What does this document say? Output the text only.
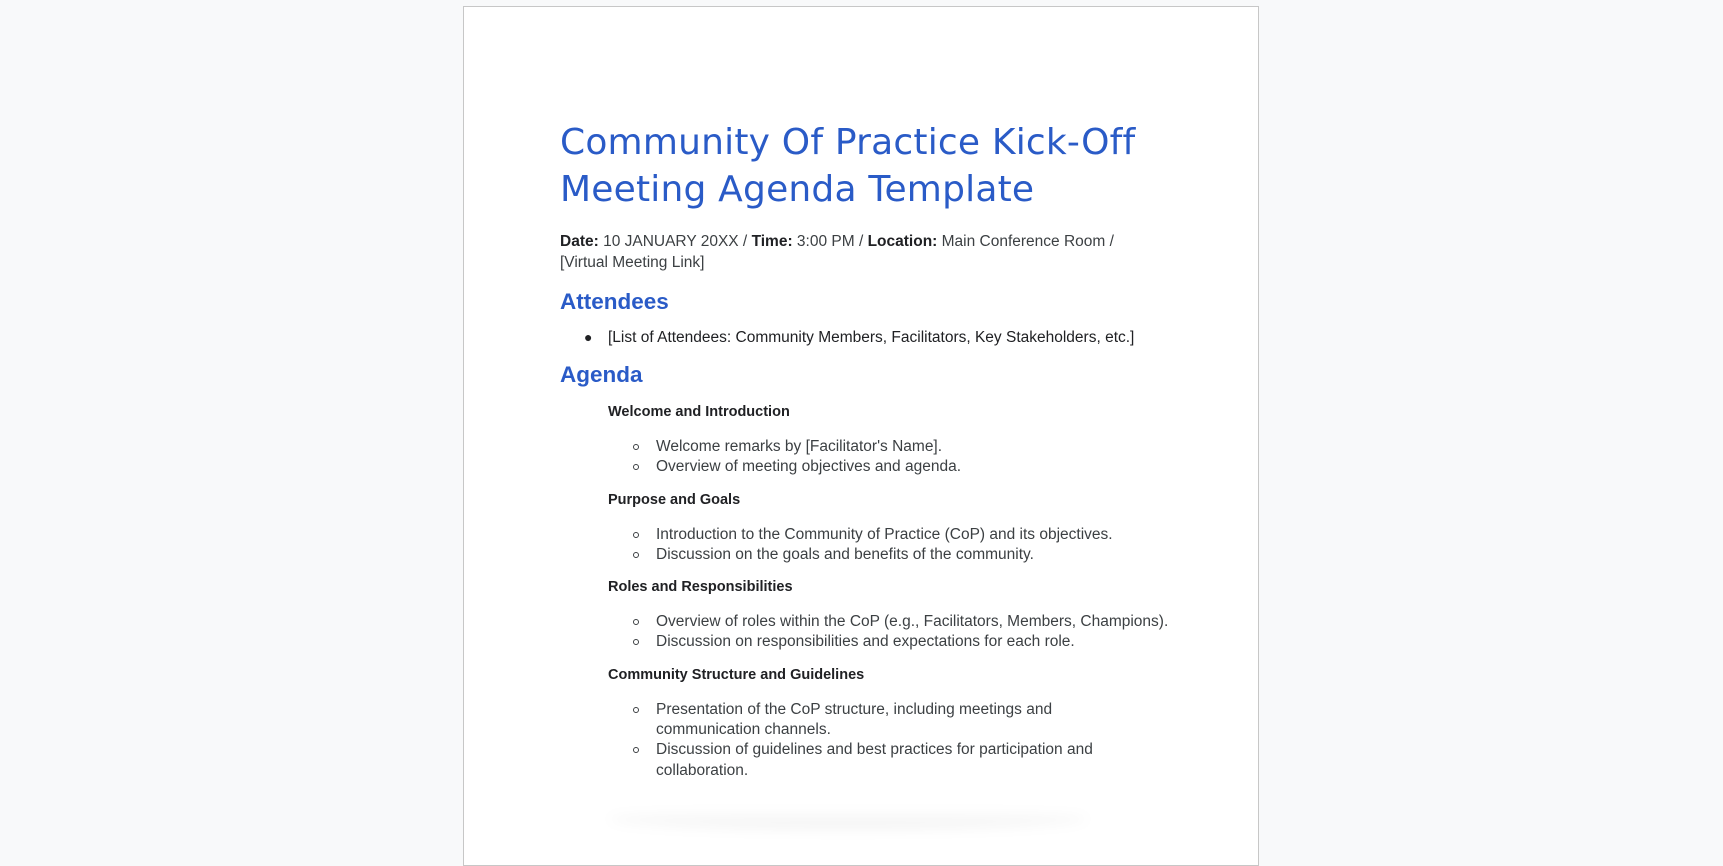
Community Of Practice Kick-Off Meeting Agenda Template
Date: 10 JANUARY 20XX / Time: 3:00 PM / Location: Main Conference Room / [Virtual Meeting Link]
Attendees
● [List of Attendees: Community Members, Facilitators, Key Stakeholders, etc.]
Agenda
Welcome and Introduction
Welcome remarks by [Facilitator's Name].
Overview of meeting objectives and agenda.
Purpose and Goals
Introduction to the Community of Practice (CoP) and its objectives.
Discussion on the goals and benefits of the community.
Roles and Responsibilities
Overview of roles within the CoP (e.g., Facilitators, Members, Champions).
Discussion on responsibilities and expectations for each role.
Community Structure and Guidelines
Presentation of the CoP structure, including meetings and communication channels.
Discussion of guidelines and best practices for participation and collaboration.
